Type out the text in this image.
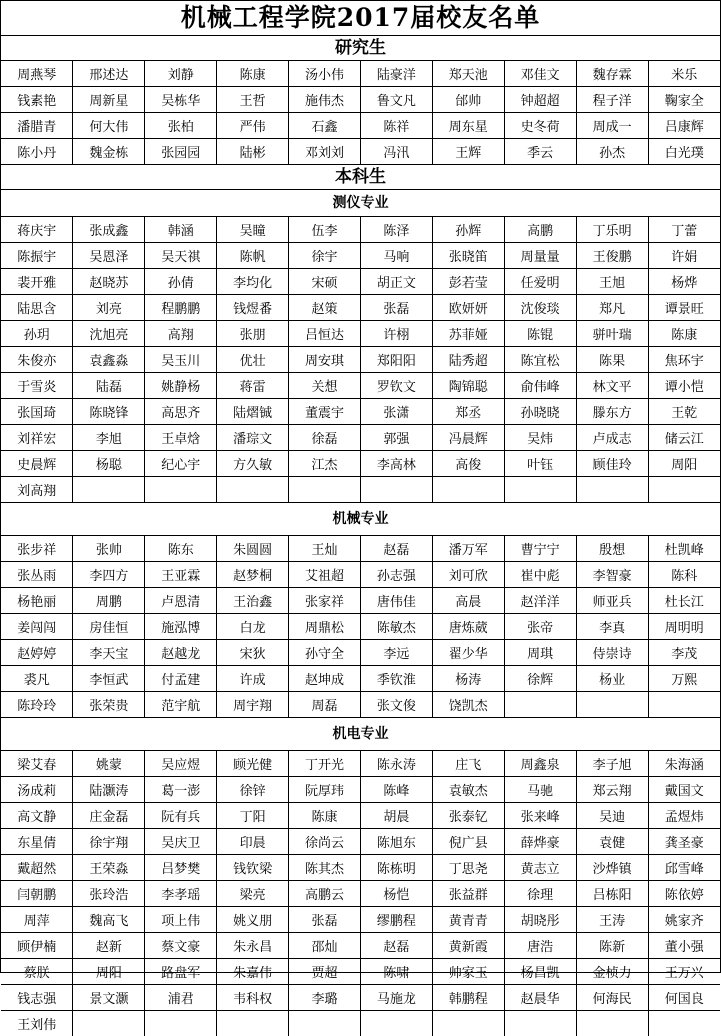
机械工程学院2017届校友名单
研究生
周燕琴	邢述达	刘静	陈康	汤小伟	陆豪洋	郑天池	邓佳文	魏存霖	米乐
钱素艳	周新星	吴栋华	王哲	施伟杰	鲁文凡	邰帅	钟超超	程子洋	鞠家全
潘腊青	何大伟	张柏	严伟	石鑫	陈祥	周东星	史冬荷	周成一	吕康辉
陈小丹	魏金栋	张园园	陆彬	邓刘刘	冯汛	王辉	季云	孙杰	白光璞
本科生
测仪专业
蒋庆宇	张成鑫	韩涵	吴瞳	伍李	陈泽	孙辉	高鹏	丁乐明	丁蕾
陈振宇	吴恩泽	吴天祺	陈帆	徐宇	马响	张晓笛	周量量	王俊鹏	许娟
裴开雅	赵晓苏	孙倩	李均化	宋硕	胡正文	彭若莹	任爱明	王旭	杨烨
陆思含	刘亮	程鹏鹏	钱煜番	赵策	张磊	欧妍妍	沈俊琰	郑凡	谭景旺
孙玥	沈旭亮	高翔	张朋	吕恒达	许栩	苏菲娅	陈锟	骈叶瑞	陈康
朱俊亦	袁鑫淼	吴玉川	优壮	周安琪	郑阳阳	陆秀超	陈宜松	陈果	焦环宇
于雪炎	陆磊	姚静杨	蒋雷	关想	罗钦文	陶锦聪	俞伟峰	林文平	谭小恺
张国琦	陈晓锋	高思齐	陆熠铖	董震宇	张潇	郑丞	孙晓晓	滕东方	王乾
刘祥宏	李旭	王卓焓	潘琮文	徐磊	郭强	冯晨辉	吴炜	卢成志	储云江
史晨辉	杨聪	纪心宇	方久敏	江杰	李高林	高俊	叶钰	顾佳玲	周阳
刘高翔									
机械专业
张步祥	张帅	陈东	朱圆圆	王灿	赵磊	潘万军	曹宁宁	殷想	杜凯峰
张丛雨	李四方	王亚霖	赵梦桐	艾祖超	孙志强	刘可欣	崔中彪	李智豪	陈科
杨艳丽	周鹏	卢恩清	王治鑫	张家祥	唐伟佳	高晨	赵洋洋	师亚兵	杜长江
姜闯闯	房佳恒	施泓博	白龙	周鼎松	陈敏杰	唐炼葳	张帝	李真	周明明
赵婷婷	李天宝	赵越龙	宋狄	孙守全	李远	翟少华	周琪	侍崇诗	李茂
裘凡	李恒武	付孟建	许成	赵坤成	季钦淮	杨涛	徐辉	杨业	万熙
陈玲玲	张荣贵	范宇航	周宇翔	周磊	张文俊	饶凯杰			
机电专业
梁艾春	姚蒙	吴应煜	顾光健	丁开光	陈永涛	庄飞	周鑫泉	李子旭	朱海涵
汤成莉	陆灏涛	葛一澎	徐锌	阮厚玮	陈峰	袁敏杰	马驰	郑云翔	戴国文
高文静	庄金磊	阮有兵	丁阳	陈康	胡晨	张泰钇	张来峰	吴迪	孟煜炜
东星倩	徐宇翔	吴庆卫	印晨	徐尚云	陈旭东	倪广县	薛烨豪	袁健	龚圣豪
戴超然	王荣淼	吕梦樊	钱钦梁	陈其杰	陈栋明	丁思尧	黄志立	沙烨镇	邱雪峰
闫朝鹏	张玲浩	李孝瑶	梁亮	高鹏云	杨恺	张益群	徐理	吕栋阳	陈依婷
周萍	魏高飞	项上伟	姚义朋	张磊	缪鹏程	黄青青	胡晓彤	王涛	姚家齐
顾伊楠	赵新	蔡文豪	朱永昌	邵灿	赵磊	黄新霞	唐浩	陈新	董小强
蔡朕	周阳	路盘军	朱嘉伟	贾超	陈啸	帅家玉	杨昌凯	金桢力	王万兴
钱志强	景文灏	浦君	韦科权	李璐	马施龙	韩鹏程	赵晨华	何海民	何国良
王刘伟									
